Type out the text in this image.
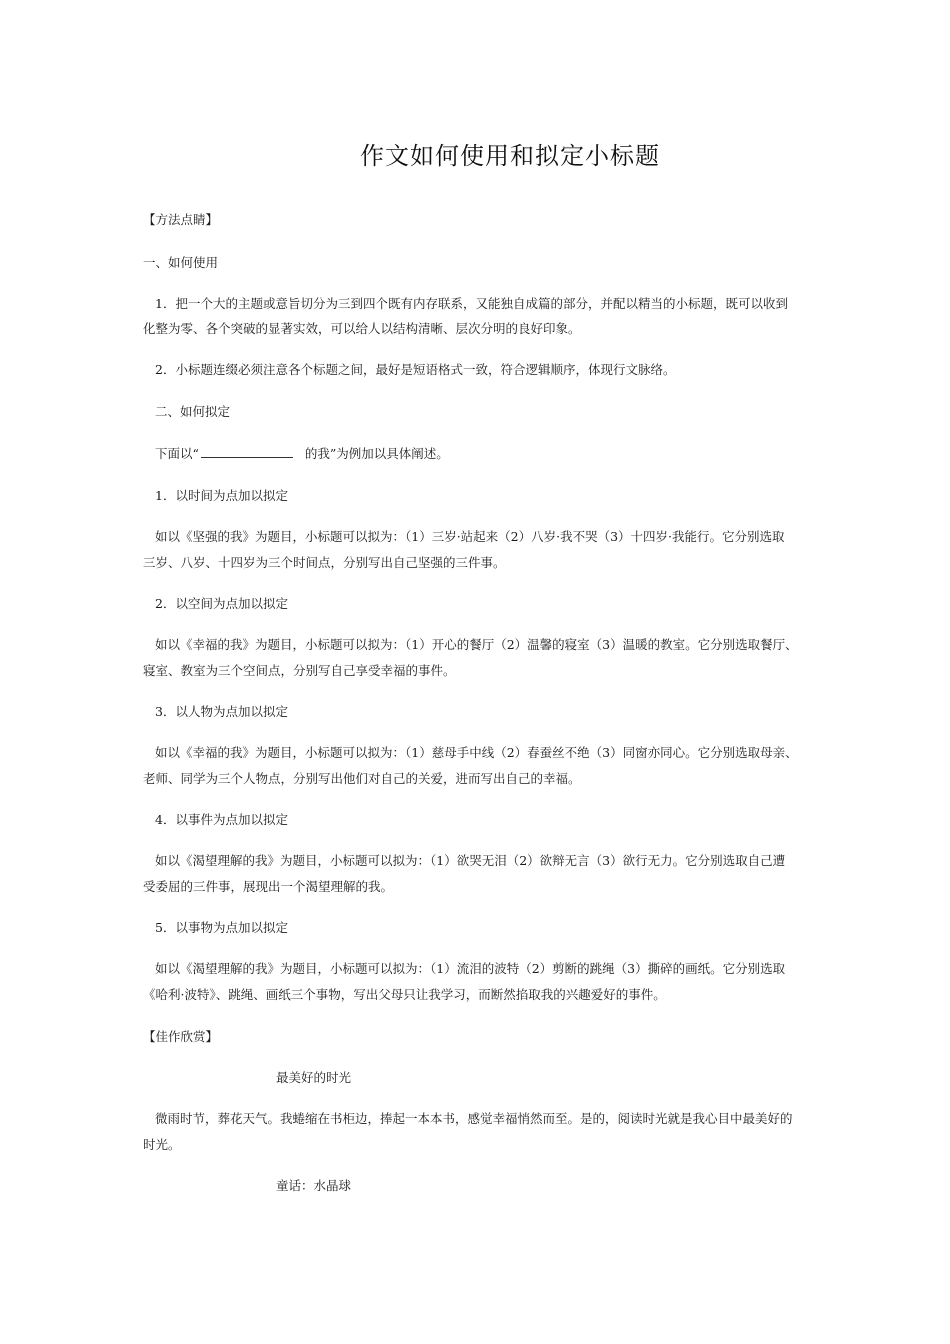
作文如何使用和拟定小标题
【方法点睛】
一、如何使用
1．把一个大的主题或意旨切分为三到四个既有内存联系，又能独自成篇的部分，并配以精当的小标题，既可以收到
化整为零、各个突破的显著实效，可以给人以结构清晰、层次分明的良好印象。
2．小标题连缀必须注意各个标题之间，最好是短语格式一致，符合逻辑顺序，体现行文脉络。
二、如何拟定
下面以“	的我”为例加以具体阐述。
1．以时间为点加以拟定
如以《坚强的我》为题目，小标题可以拟为：（1）三岁·站起来（2）八岁·我不哭（3）十四岁·我能行。它分别选取
三岁、八岁、十四岁为三个时间点，分别写出自己坚强的三件事。
2．以空间为点加以拟定
如以《幸福的我》为题目，小标题可以拟为：（1）开心的餐厅（2）温馨的寝室（3）温暖的教室。它分别选取餐厅、
寝室、教室为三个空间点，分别写自己享受幸福的事件。
3．以人物为点加以拟定
如以《幸福的我》为题目，小标题可以拟为：（1）慈母手中线（2）春蚕丝不绝（3）同窗亦同心。它分别选取母亲、
老师、同学为三个人物点，分别写出他们对自己的关爱，进而写出自己的幸福。
4．以事件为点加以拟定
如以《渴望理解的我》为题目，小标题可以拟为：（1）欲哭无泪（2）欲辩无言（3）欲行无力。它分别选取自己遭
受委屈的三件事，展现出一个渴望理解的我。
5．以事物为点加以拟定
如以《渴望理解的我》为题目，小标题可以拟为：（1）流泪的波特（2）剪断的跳绳（3）撕碎的画纸。它分别选取
《哈利·波特》、跳绳、画纸三个事物，写出父母只让我学习，而断然掐取我的兴趣爱好的事件。
【佳作欣赏】
最美好的时光
微雨时节，葬花天气。我蜷缩在书柜边，捧起一本本书，感觉幸福悄然而至。是的，阅读时光就是我心目中最美好的
时光。
童话：水晶球
